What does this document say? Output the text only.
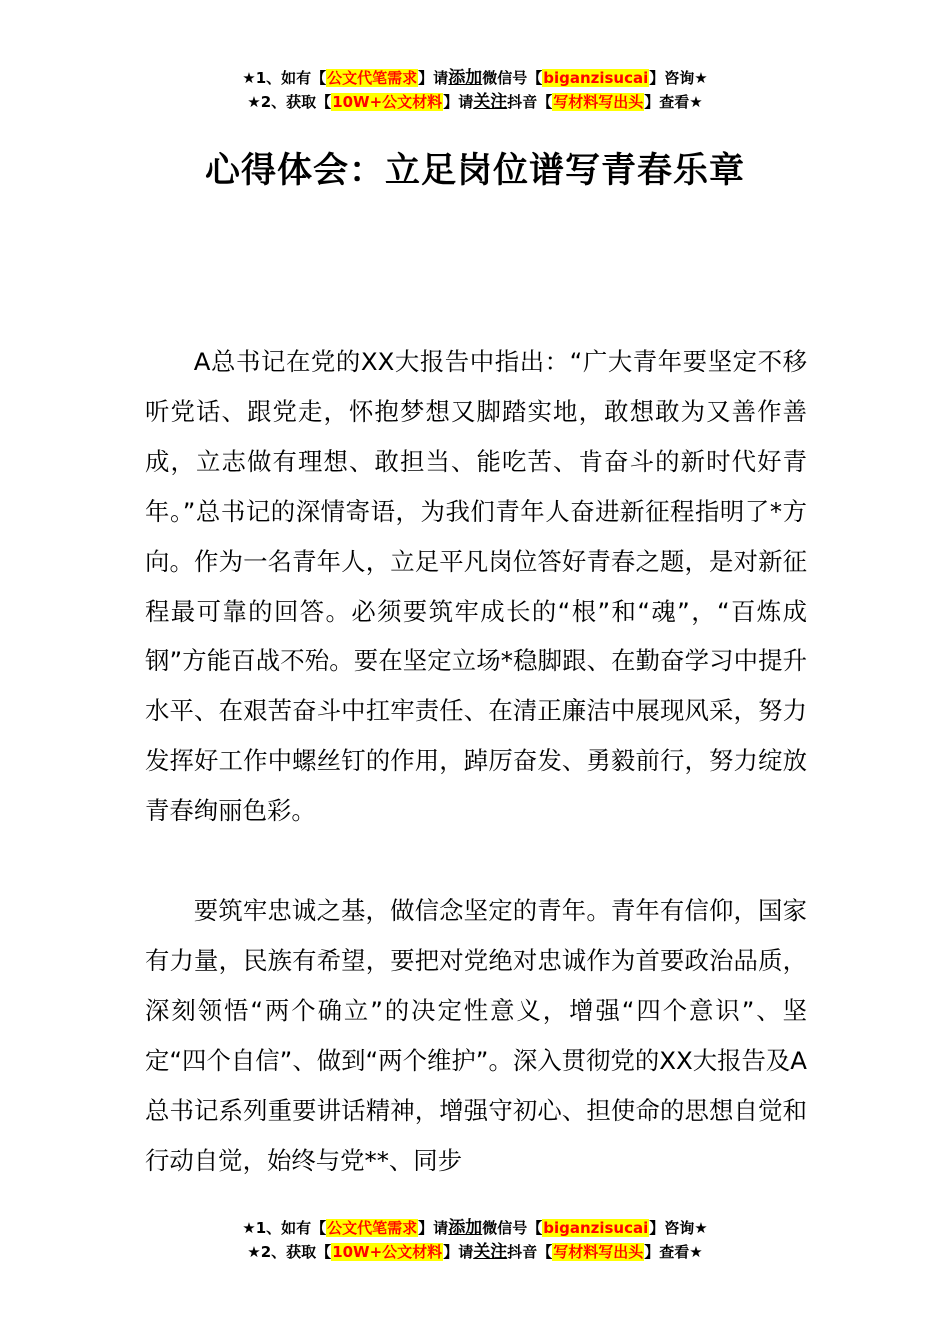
★1、如有【公文代笔需求】请添加微信号【biganzisucai】咨询★
★2、获取【10W+公文材料】请关注抖音【写材料写出头】查看★
心得体会：立足岗位谱写青春乐章

A总书记在党的XX大报告中指出：“广大青年要坚定不移听党话、跟党走，怀抱梦想又脚踏实地，敢想敢为又善作善成，立志做有理想、敢担当、能吃苦、肯奋斗的新时代好青年。”总书记的深情寄语，为我们青年人奋进新征程指明了*方向。作为一名青年人，立足平凡岗位答好青春之题，是对新征程最可靠的回答。必须要筑牢成长的“根”和“魂”，“百炼成钢”方能百战不殆。要在坚定立场*稳脚跟、在勤奋学习中提升水平、在艰苦奋斗中扛牢责任、在清正廉洁中展现风采，努力发挥好工作中螺丝钉的作用，踔厉奋发、勇毅前行，努力绽放青春绚丽色彩。

要筑牢忠诚之基，做信念坚定的青年。青年有信仰，国家有力量，民族有希望，要把对党绝对忠诚作为首要政治品质，深刻领悟“两个确立”的决定性意义，增强“四个意识”、坚定“四个自信”、做到“两个维护”。深入贯彻党的XX大报告及A总书记系列重要讲话精神，增强守初心、担使命的思想自觉和行动自觉，始终与党**、同步

★1、如有【公文代笔需求】请添加微信号【biganzisucai】咨询★
★2、获取【10W+公文材料】请关注抖音【写材料写出头】查看★
